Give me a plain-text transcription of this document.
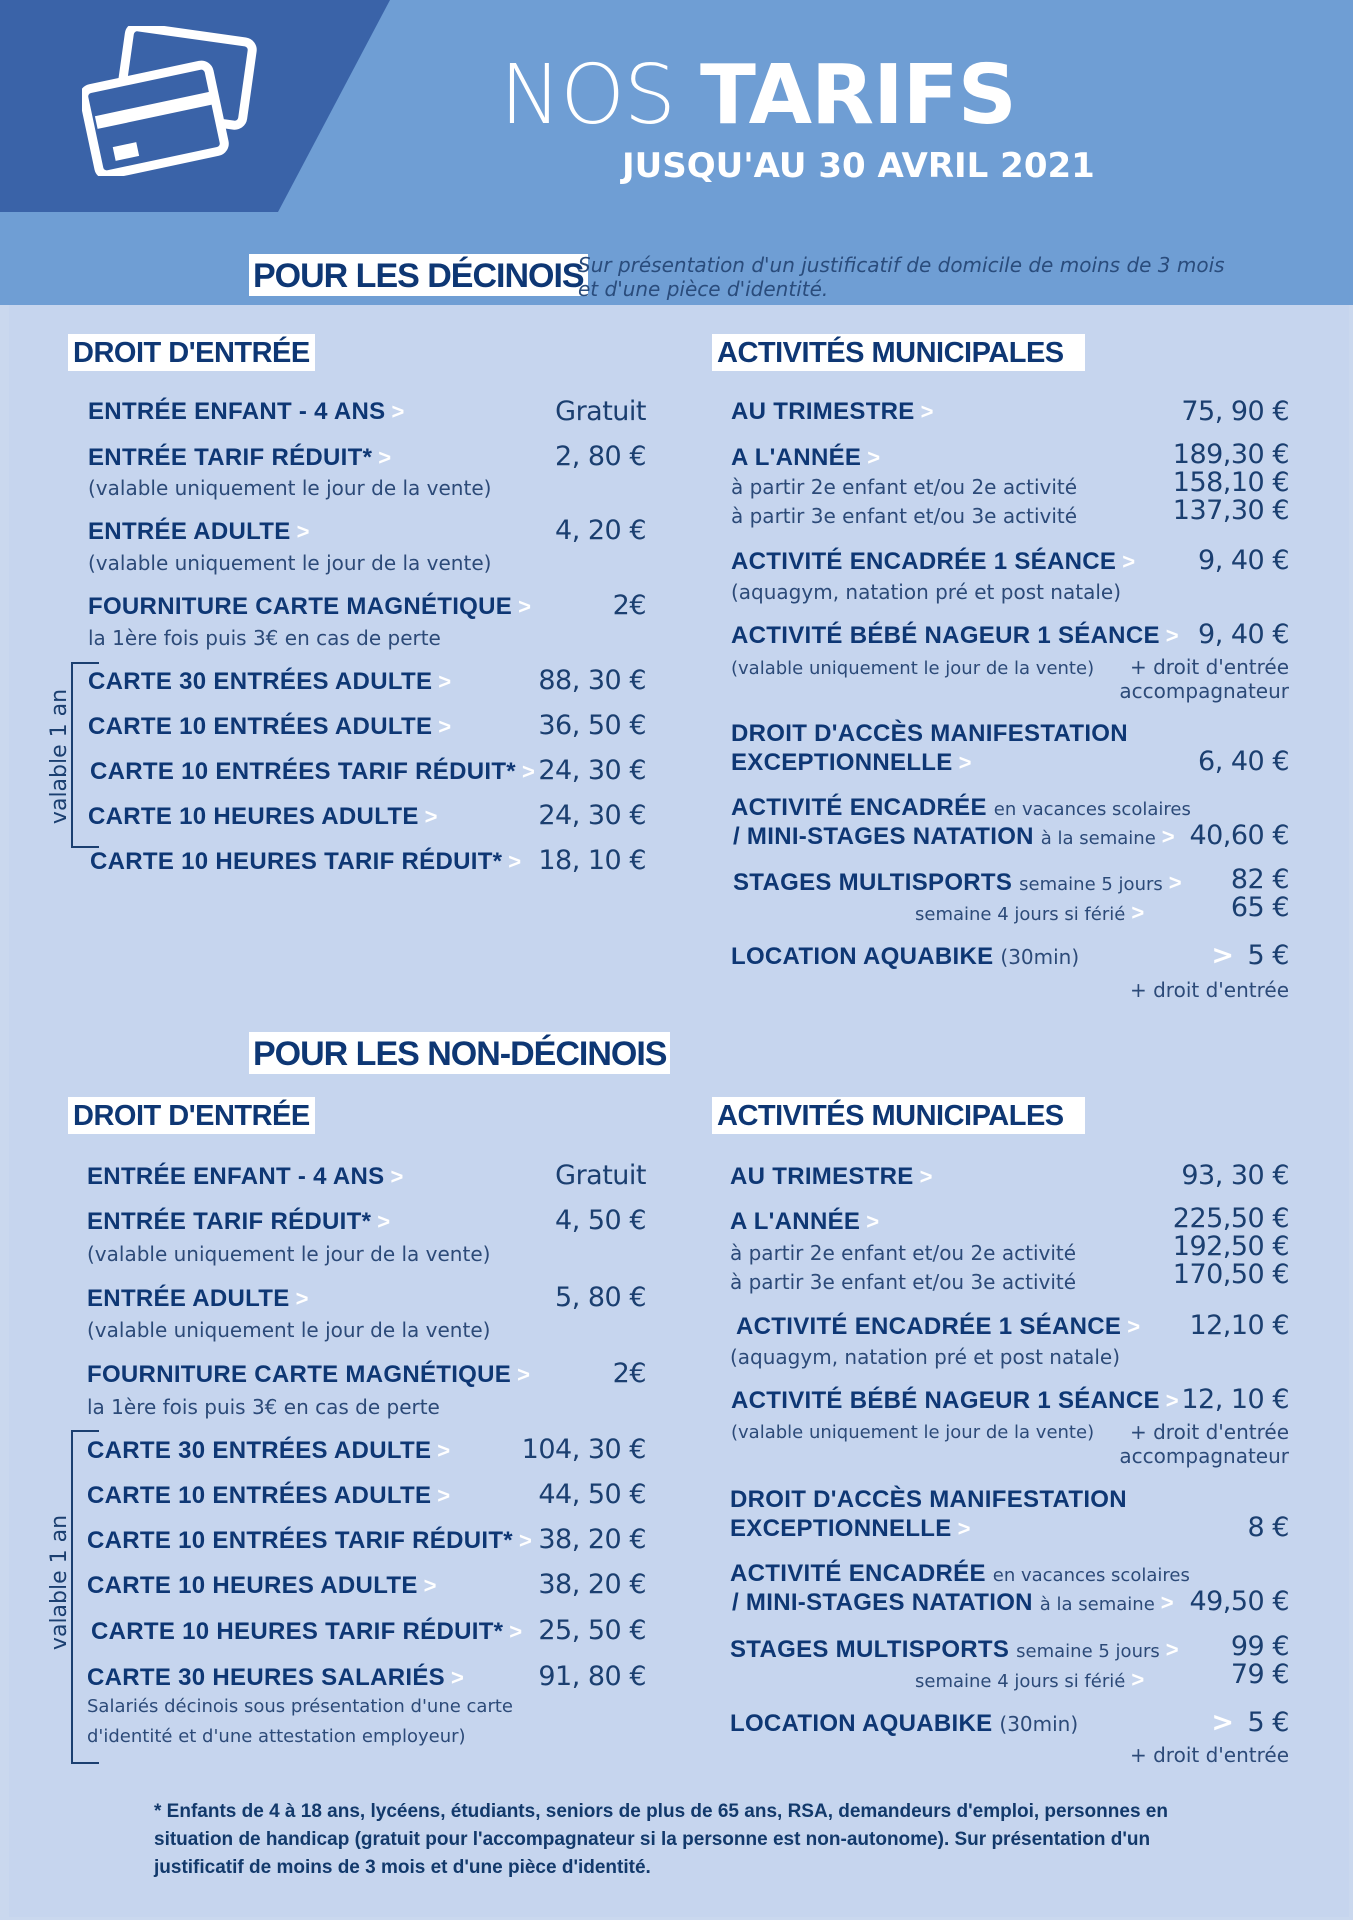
NOS TARIFS
JUSQU'AU 30 AVRIL 2021
POUR LES DÉCINOIS
Sur présentation d'un justificatif de domicile de moins de 3 mois
et d'une pièce d'identité.
DROIT D'ENTRÉE
ENTRÉE ENFANT - 4 ANS >	Gratuit
ENTRÉE TARIF RÉDUIT* >	2, 80 €
(valable uniquement le jour de la vente)
ENTRÉE ADULTE >	4, 20 €
(valable uniquement le jour de la vente)
FOURNITURE CARTE MAGNÉTIQUE >	2€
la 1ère fois puis 3€ en cas de perte
valable 1 an
CARTE 30 ENTRÉES ADULTE >	88, 30 €
CARTE 10 ENTRÉES ADULTE >	36, 50 €
CARTE 10 ENTRÉES TARIF RÉDUIT* > 24, 30 €
CARTE 10 HEURES ADULTE >	24, 30 €
CARTE 10 HEURES TARIF RÉDUIT* > 18, 10 €
ACTIVITÉS MUNICIPALES
AU TRIMESTRE >	75, 90 €
A L'ANNÉE >	189,30 €
à partir 2e enfant et/ou 2e activité	158,10 €
à partir 3e enfant et/ou 3e activité	137,30 €
ACTIVITÉ ENCADRÉE 1 SÉANCE > 9, 40 €
(aquagym, natation pré et post natale)
ACTIVITÉ BÉBÉ NAGEUR 1 SÉANCE > 9, 40 €
(valable uniquement le jour de la vente) + droit d'entrée
accompagnateur
DROIT D'ACCÈS MANIFESTATION
EXCEPTIONNELLE >	6, 40 €
ACTIVITÉ ENCADRÉE en vacances scolaires
/ MINI-STAGES NATATION à la semaine > 40,60 €
STAGES MULTISPORTS semaine 5 jours > 82 €
semaine 4 jours si férié >	65 €
LOCATION AQUABIKE (30min)	> 5 €
+ droit d'entrée
POUR LES NON-DÉCINOIS
DROIT D'ENTRÉE
ENTRÉE ENFANT - 4 ANS >	Gratuit
ENTRÉE TARIF RÉDUIT* >	4, 50 €
(valable uniquement le jour de la vente)
ENTRÉE ADULTE >	5, 80 €
(valable uniquement le jour de la vente)
FOURNITURE CARTE MAGNÉTIQUE >	2€
la 1ère fois puis 3€ en cas de perte
valable 1 an
CARTE 30 ENTRÉES ADULTE >	104, 30 €
CARTE 10 ENTRÉES ADULTE >	44, 50 €
CARTE 10 ENTRÉES TARIF RÉDUIT* > 38, 20 €
CARTE 10 HEURES ADULTE >	38, 20 €
CARTE 10 HEURES TARIF RÉDUIT* > 25, 50 €
CARTE 30 HEURES SALARIÉS >	91, 80 €
Salariés décinois sous présentation d'une carte
d'identité et d'une attestation employeur)
ACTIVITÉS MUNICIPALES
AU TRIMESTRE >	93, 30 €
A L'ANNÉE >	225,50 €
à partir 2e enfant et/ou 2e activité	192,50 €
à partir 3e enfant et/ou 3e activité	170,50 €
ACTIVITÉ ENCADRÉE 1 SÉANCE > 12,10 €
(aquagym, natation pré et post natale)
ACTIVITÉ BÉBÉ NAGEUR 1 SÉANCE > 12, 10 €
(valable uniquement le jour de la vente) + droit d'entrée
accompagnateur
DROIT D'ACCÈS MANIFESTATION
EXCEPTIONNELLE >	8 €
ACTIVITÉ ENCADRÉE en vacances scolaires
/ MINI-STAGES NATATION à la semaine > 49,50 €
STAGES MULTISPORTS semaine 5 jours > 99 €
semaine 4 jours si férié >	79 €
LOCATION AQUABIKE (30min)	> 5 €
+ droit d'entrée
* Enfants de 4 à 18 ans, lycéens, étudiants, seniors de plus de 65 ans, RSA, demandeurs d'emploi, personnes en situation de handicap (gratuit pour l'accompagnateur si la personne est non-autonome). Sur présentation d'un justificatif de moins de 3 mois et d'une pièce d'identité.
